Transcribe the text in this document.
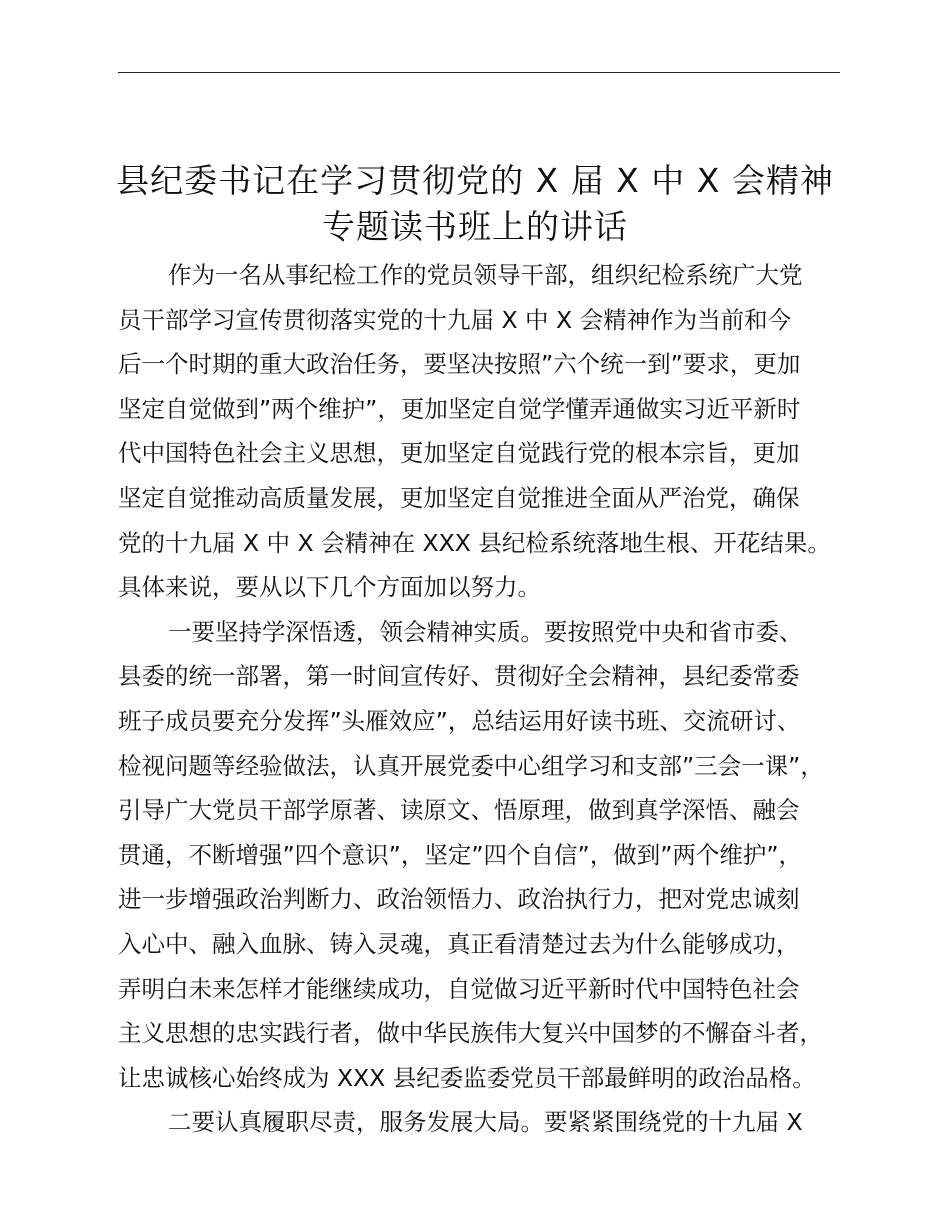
县纪委书记在学习贯彻党的 X 届 X 中 X 会精神
专题读书班上的讲话

作为一名从事纪检工作的党员领导干部，组织纪检系统广大党
员干部学习宣传贯彻落实党的十九届 X 中 X 会精神作为当前和今
后一个时期的重大政治任务，要坚决按照”六个统一到”要求，更加
坚定自觉做到”两个维护”，更加坚定自觉学懂弄通做实习近平新时
代中国特色社会主义思想，更加坚定自觉践行党的根本宗旨，更加
坚定自觉推动高质量发展，更加坚定自觉推进全面从严治党，确保
党的十九届 X 中 X 会精神在 XXX 县纪检系统落地生根、开花结果。
具体来说，要从以下几个方面加以努力。

一要坚持学深悟透，领会精神实质。要按照党中央和省市委、
县委的统一部署，第一时间宣传好、贯彻好全会精神，县纪委常委
班子成员要充分发挥”头雁效应”，总结运用好读书班、交流研讨、
检视问题等经验做法，认真开展党委中心组学习和支部”三会一课”，
引导广大党员干部学原著、读原文、悟原理，做到真学深悟、融会
贯通，不断增强”四个意识”，坚定”四个自信”，做到”两个维护”，
进一步增强政治判断力、政治领悟力、政治执行力，把对党忠诚刻
入心中、融入血脉、铸入灵魂，真正看清楚过去为什么能够成功，
弄明白未来怎样才能继续成功，自觉做习近平新时代中国特色社会
主义思想的忠实践行者，做中华民族伟大复兴中国梦的不懈奋斗者，
让忠诚核心始终成为 XXX 县纪委监委党员干部最鲜明的政治品格。

二要认真履职尽责，服务发展大局。要紧紧围绕党的十九届 X
